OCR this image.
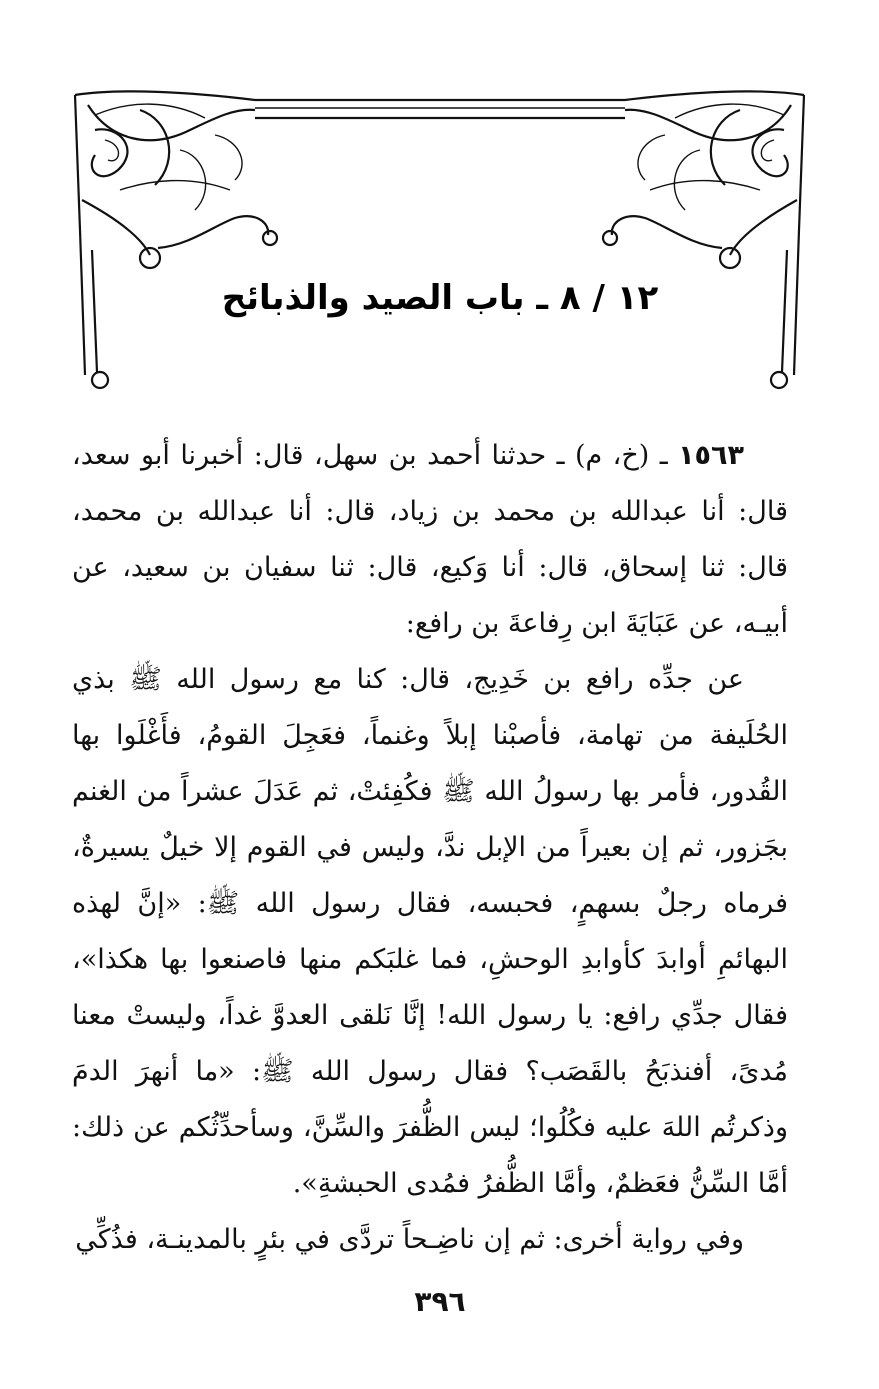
١٢ / ٨ ـ باب الصيد والذبائح

١٥٦٣ ـ (خ، م) ـ حدثنا أحمد بن سهل، قال: أخبرنا أبو سعد، قال: أنا عبدالله بن محمد بن زياد، قال: أنا عبدالله بن محمد، قال: ثنا إسحاق، قال: أنا وَكيع، قال: ثنا سفيان بن سعيد، عن أبيـه، عن عَبَايَةَ ابن رِفاعةَ بن رافع:

عن جدِّه رافع بن خَدِيج، قال: كنا مع رسول الله ﷺ بذي الحُلَيفة من تهامة، فأصبْنا إبلاً وغنماً، فعَجِلَ القومُ، فأَغْلَوا بها القُدور، فأمر بها رسولُ الله ﷺ فكُفِئتْ، ثم عَدَلَ عشراً من الغنم بجَزور، ثم إن بعيراً من الإبل ندَّ، وليس في القوم إلا خيلٌ يسيرةٌ، فرماه رجلٌ بسهمٍ، فحبسه، فقال رسول الله ﷺ: «إنَّ لهذه البهائمِ أوابدَ كأوابدِ الوحشِ، فما غلبَكم منها فاصنعوا بها هكذا»، فقال جدِّي رافع: يا رسول الله! إنَّا نَلقى العدوَّ غداً، وليستْ معنا مُدىً، أفنذبَحُ بالقَصَب؟ فقال رسول الله ﷺ: «ما أنهرَ الدمَ وذكرتُم اللهَ عليه فكُلُوا؛ ليس الظُّفرَ والسِّنَّ، وسأحدِّثُكم عن ذلك: أمَّا السِّنُّ فعَظمٌ، وأمَّا الظُّفرُ فمُدى الحبشةِ».

وفي رواية أخرى: ثم إن ناضِـحاً تردَّى في بئرٍ بالمدينـة، فذُكِّي

٣٩٦
